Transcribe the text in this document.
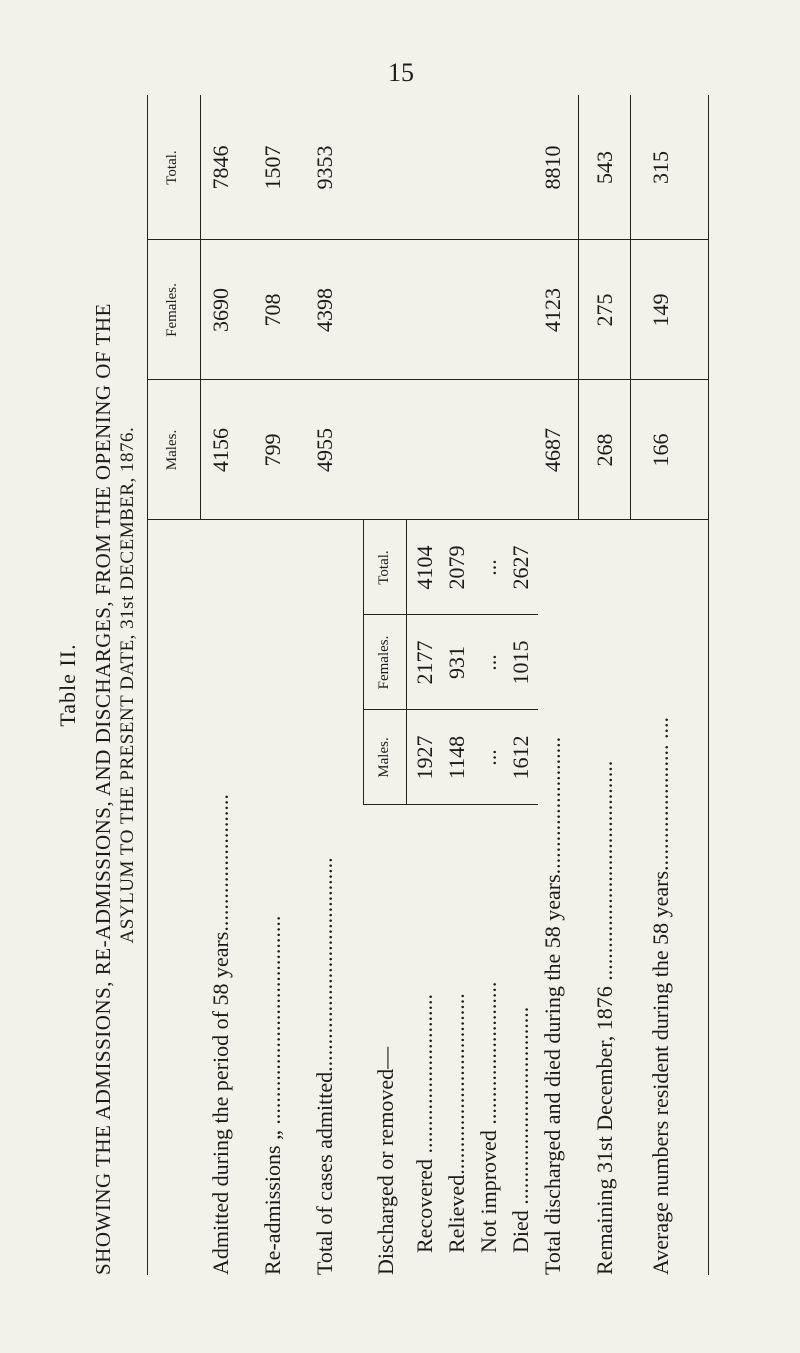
15
Table II. SHOWING THE ADMISSIONS, RE-ADMISSIONS, AND DISCHARGES, FROM THE OPENING OF THE ASYLUM TO THE PRESENT DATE, 31st DECEMBER, 1876. Males.
Females.
Total.
Admitted during the period of 58 years.........................
4156
3690
7846
Re-admissions „ ......................................
799
708
1507
Total of cases admitted.......................................
4955
4398
9353
Males.
Females.
Total.
Discharged or removed— Recovered .............................
1927
2177
4104
Relieved.................................
1148
931
2079
Not improved ..........................
...
...
...
Died ....................................
1612
1015
2627
Total discharged and died during the 58 years.........................
4687
4123
8810
Remaining 31st December, 1876 ........................................
268
275
543
Average numbers resident during the 58 years....................... ....
166
149
315
